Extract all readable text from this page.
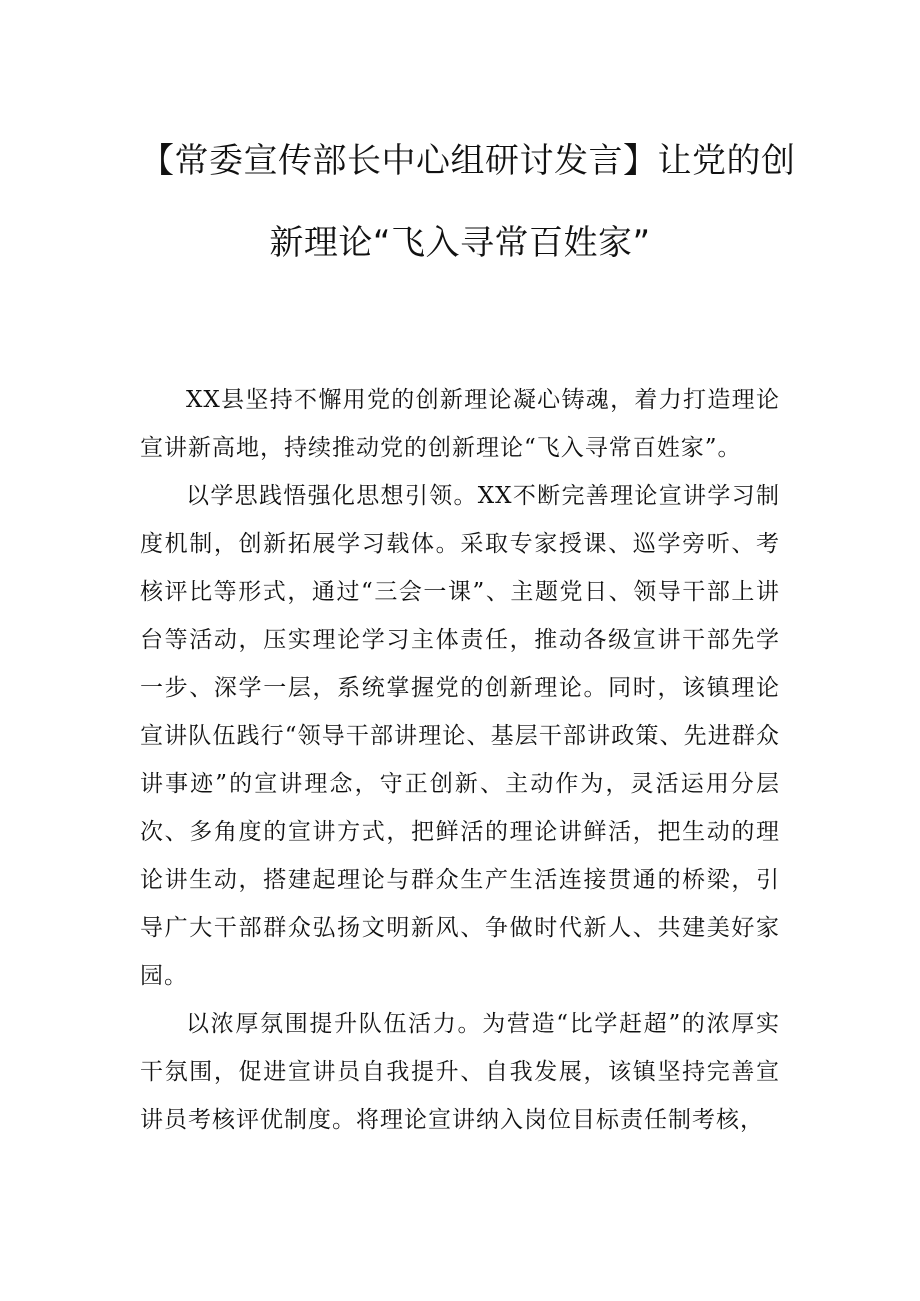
【常委宣传部长中心组研讨发言】让党的创
新理论“飞入寻常百姓家”

XX县坚持不懈用党的创新理论凝心铸魂，着力打造理论宣讲新高地，持续推动党的创新理论“飞入寻常百姓家”。

以学思践悟强化思想引领。XX不断完善理论宣讲学习制度机制，创新拓展学习载体。采取专家授课、巡学旁听、考核评比等形式，通过“三会一课”、主题党日、领导干部上讲台等活动，压实理论学习主体责任，推动各级宣讲干部先学一步、深学一层，系统掌握党的创新理论。同时，该镇理论宣讲队伍践行“领导干部讲理论、基层干部讲政策、先进群众讲事迹”的宣讲理念，守正创新、主动作为，灵活运用分层次、多角度的宣讲方式，把鲜活的理论讲鲜活，把生动的理论讲生动，搭建起理论与群众生产生活连接贯通的桥梁，引导广大干部群众弘扬文明新风、争做时代新人、共建美好家园。

以浓厚氛围提升队伍活力。为营造“比学赶超”的浓厚实干氛围，促进宣讲员自我提升、自我发展，该镇坚持完善宣讲员考核评优制度。将理论宣讲纳入岗位目标责任制考核，
